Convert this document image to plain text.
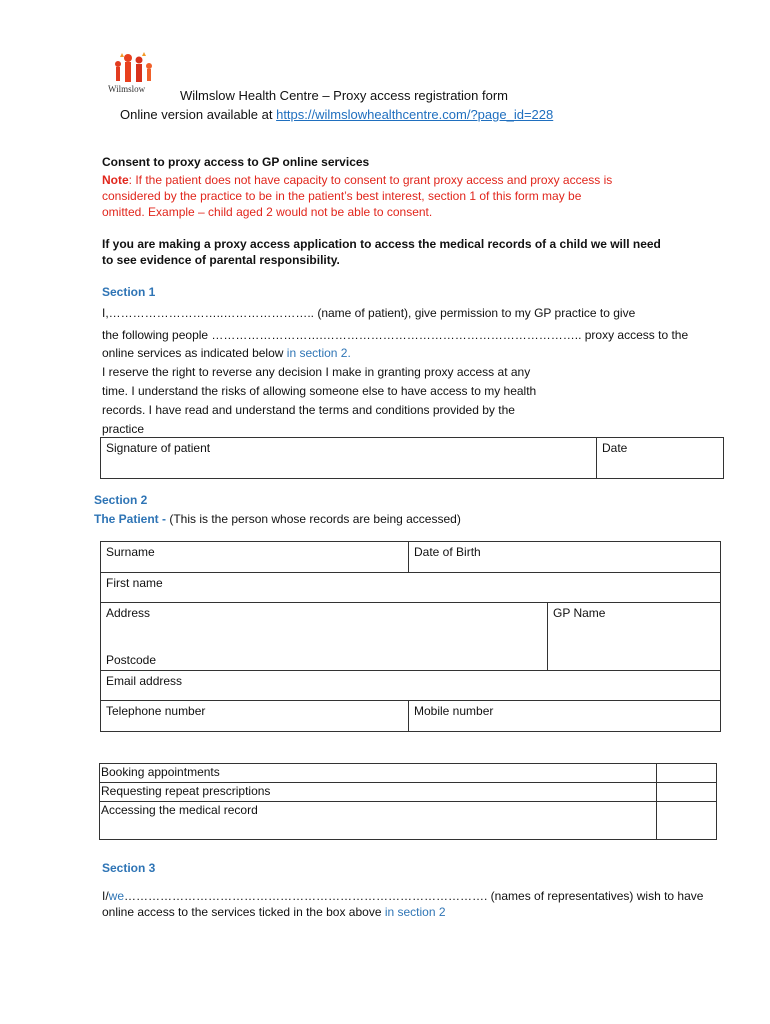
Wilmslow	Wilmslow Health Centre – Proxy access registration form
Online version available at https://wilmslowhealthcentre.com/?page_id=228
Consent to proxy access to GP online services
Note: If the patient does not have capacity to consent to grant proxy access and proxy access is
considered by the practice to be in the patient’s best interest, section 1 of this form may be
omitted. Example – child aged 2 would not be able to consent.
If you are making a proxy access application to access the medical records of a child we will need
to see evidence of parental responsibility.
Section 1
I,………………………..………………….. (name of patient), give permission to my GP practice to give
the following people ……………………….……………………………………………………….. proxy access to the
online services as indicated below in section 2.
I reserve the right to reverse any decision I make in granting proxy access at any
time. I understand the risks of allowing someone else to have access to my health
records. I have read and understand the terms and conditions provided by the
practice
Signature of patient	Date
Section 2
The Patient - (This is the person whose records are being accessed)
Surname	Date of Birth
First name
Address
Postcode
GP Name
Email address
Telephone number	Mobile number
Booking appointments
Requesting repeat prescriptions
Accessing the medical record
Section 3
I/we………………………………………………………………………………. (names of representatives) wish to have
online access to the services ticked in the box above in section 2
